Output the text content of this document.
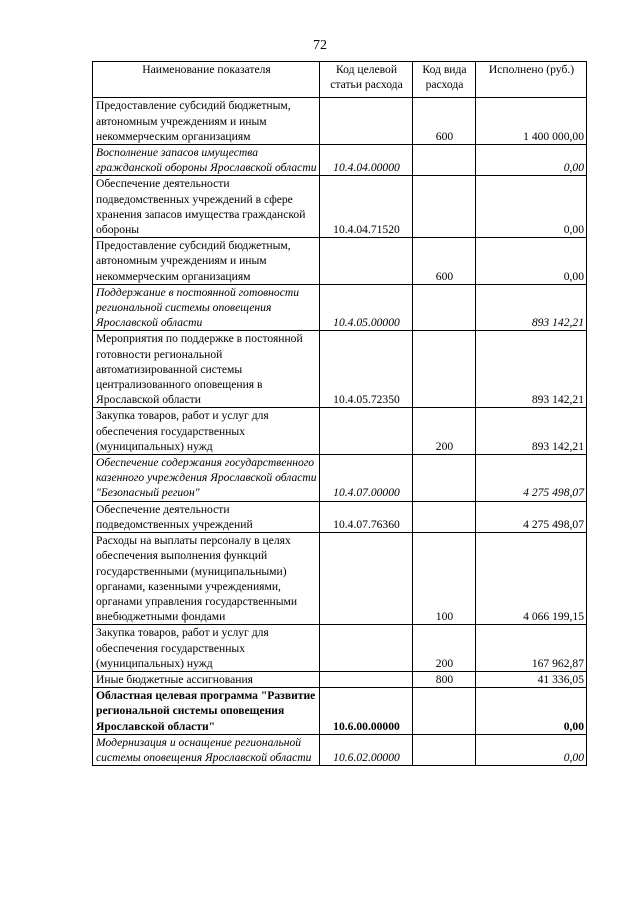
72
Наименование показателя	Код целевой статьи расхода	Код вида расхода	Исполнено (руб.)
Предоставление субсидий бюджетным, автономным учреждениям и иным некоммерческим организациям		600	1 400 000,00
Восполнение запасов имущества гражданской обороны Ярославской области	10.4.04.00000		0,00
Обеспечение деятельности подведомственных учреждений в сфере хранения запасов имущества гражданской обороны	10.4.04.71520		0,00
Предоставление субсидий бюджетным, автономным учреждениям и иным некоммерческим организациям		600	0,00
Поддержание в постоянной готовности региональной системы оповещения Ярославской области	10.4.05.00000		893 142,21
Мероприятия по поддержке в постоянной готовности региональной автоматизированной системы централизованного оповещения в Ярославской области	10.4.05.72350		893 142,21
Закупка товаров, работ и услуг для обеспечения государственных (муниципальных) нужд		200	893 142,21
Обеспечение содержания государственного казенного учреждения Ярославской области "Безопасный регион"	10.4.07.00000		4 275 498,07
Обеспечение деятельности подведомственных учреждений	10.4.07.76360		4 275 498,07
Расходы на выплаты персоналу в целях обеспечения выполнения функций государственными (муниципальными) органами, казенными учреждениями, органами управления государственными внебюджетными фондами		100	4 066 199,15
Закупка товаров, работ и услуг для обеспечения государственных (муниципальных) нужд		200	167 962,87
Иные бюджетные ассигнования		800	41 336,05
Областная целевая программа "Развитие региональной системы оповещения Ярославской области"	10.6.00.00000		0,00
Модернизация и оснащение региональной системы оповещения Ярославской области	10.6.02.00000		0,00
